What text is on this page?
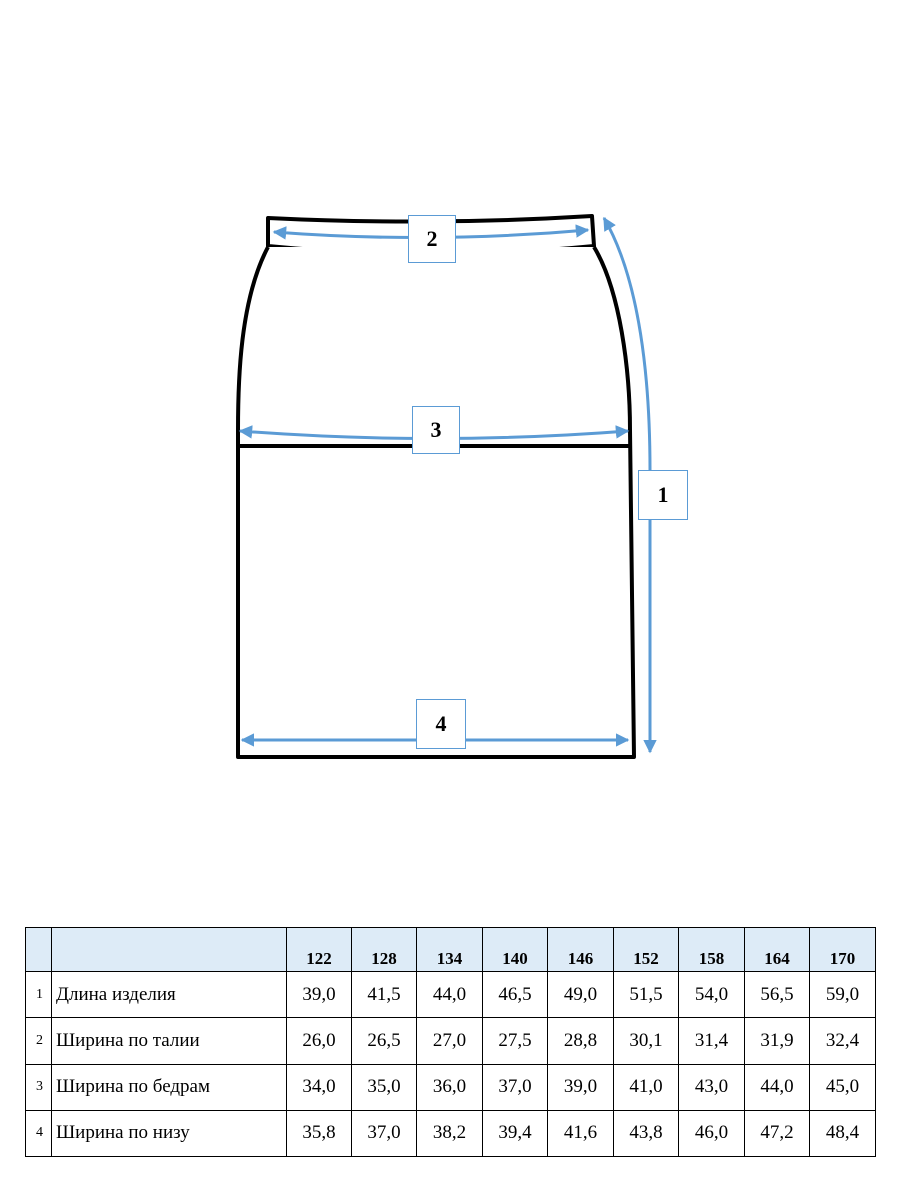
2
3
1
4
		122	128	134	140	146	152	158	164	170
1	Длина изделия	39,0	41,5	44,0	46,5	49,0	51,5	54,0	56,5	59,0
2	Ширина по талии	26,0	26,5	27,0	27,5	28,8	30,1	31,4	31,9	32,4
3	Ширина по бедрам	34,0	35,0	36,0	37,0	39,0	41,0	43,0	44,0	45,0
4	Ширина по низу	35,8	37,0	38,2	39,4	41,6	43,8	46,0	47,2	48,4
